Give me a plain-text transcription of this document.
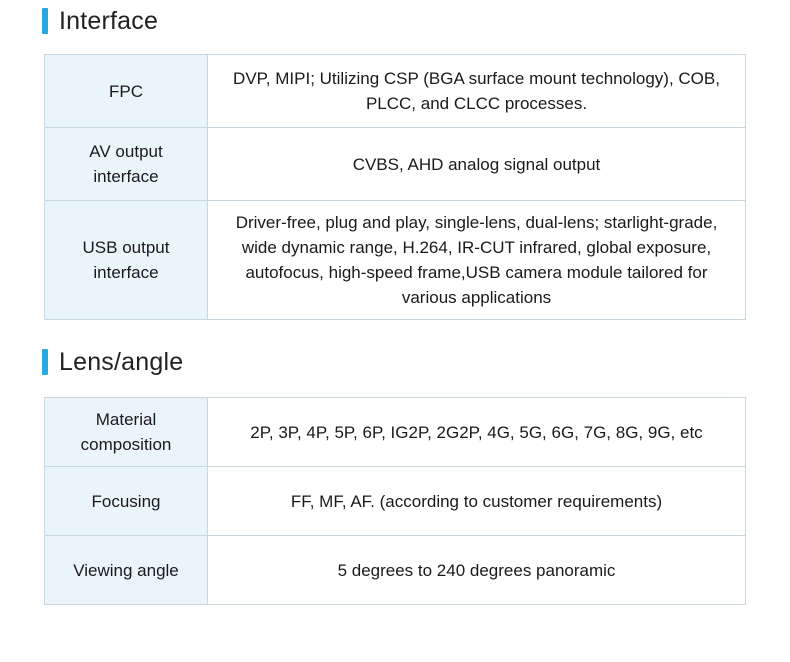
Interface
FPC	DVP, MIPI; Utilizing CSP (BGA surface mount technology), COB, PLCC, and CLCC processes.
AV output interface	CVBS, AHD analog signal output
USB output interface	Driver-free, plug and play, single-lens, dual-lens; starlight-grade, wide dynamic range, H.264, IR-CUT infrared, global exposure, autofocus, high-speed frame,USB camera module tailored for various applications
Lens/angle
Material composition	2P, 3P, 4P, 5P, 6P, IG2P, 2G2P, 4G, 5G, 6G, 7G, 8G, 9G, etc
Focusing	FF, MF, AF. (according to customer requirements)
Viewing angle	5 degrees to 240 degrees panoramic
